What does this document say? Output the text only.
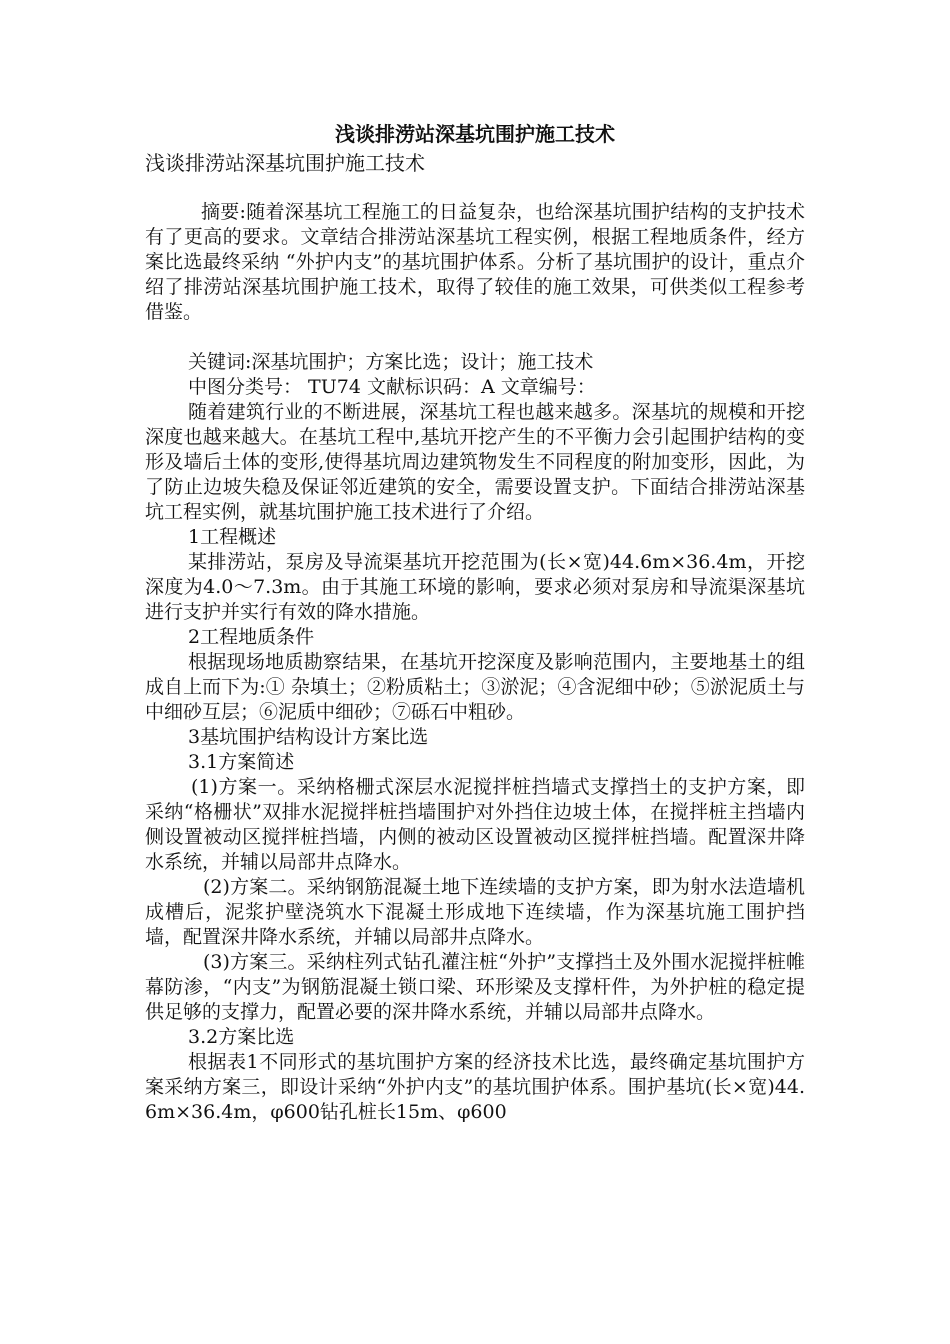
浅谈排涝站深基坑围护施工技术
浅谈排涝站深基坑围护施工技术

摘要:随着深基坑工程施工的日益复杂，也给深基坑围护结构的支护技术有了更高的要求。文章结合排涝站深基坑工程实例，根据工程地质条件，经方案比选最终采纳 “外护内支”的基坑围护体系。分析了基坑围护的设计，重点介绍了排涝站深基坑围护施工技术，取得了较佳的施工效果，可供类似工程参考借鉴。

关键词:深基坑围护；方案比选；设计；施工技术

中图分类号： TU74 文献标识码：A 文章编号：

随着建筑行业的不断进展，深基坑工程也越来越多。深基坑的规模和开挖深度也越来越大。在基坑工程中,基坑开挖产生的不平衡力会引起围护结构的变形及墙后土体的变形,使得基坑周边建筑物发生不同程度的附加变形，因此，为了防止边坡失稳及保证邻近建筑的安全，需要设置支护。下面结合排涝站深基坑工程实例，就基坑围护施工技术进行了介绍。

1工程概述

某排涝站，泵房及导流渠基坑开挖范围为(长×宽)44.6m×36.4m，开挖深度为4.0～7.3m。由于其施工环境的影响，要求必须对泵房和导流渠深基坑进行支护并实行有效的降水措施。

2工程地质条件

根据现场地质勘察结果，在基坑开挖深度及影响范围内，主要地基土的组成自上而下为:① 杂填土；②粉质粘土；③淤泥；④含泥细中砂；⑤淤泥质土与中细砂互层；⑥泥质中细砂；⑦砾石中粗砂。

3基坑围护结构设计方案比选

3.1方案简述

(1)方案一。采纳格栅式深层水泥搅拌桩挡墙式支撑挡土的支护方案，即采纳“格栅状”双排水泥搅拌桩挡墙围护对外挡住边坡土体，在搅拌桩主挡墙内侧设置被动区搅拌桩挡墙，内侧的被动区设置被动区搅拌桩挡墙。配置深井降水系统，并辅以局部井点降水。

(2)方案二。采纳钢筋混凝土地下连续墙的支护方案，即为射水法造墙机成槽后，泥浆护壁浇筑水下混凝土形成地下连续墙，作为深基坑施工围护挡墙，配置深井降水系统，并辅以局部井点降水。

(3)方案三。采纳柱列式钻孔灌注桩“外护”支撑挡土及外围水泥搅拌桩帷幕防渗，“内支”为钢筋混凝土锁口梁、环形梁及支撑杆件，为外护桩的稳定提供足够的支撑力，配置必要的深井降水系统，并辅以局部井点降水。

3.2方案比选

根据表1不同形式的基坑围护方案的经济技术比选，最终确定基坑围护方案采纳方案三，即设计采纳“外护内支”的基坑围护体系。围护基坑(长×宽)44.6m×36.4m，φ600钻孔桩长15m、φ600
